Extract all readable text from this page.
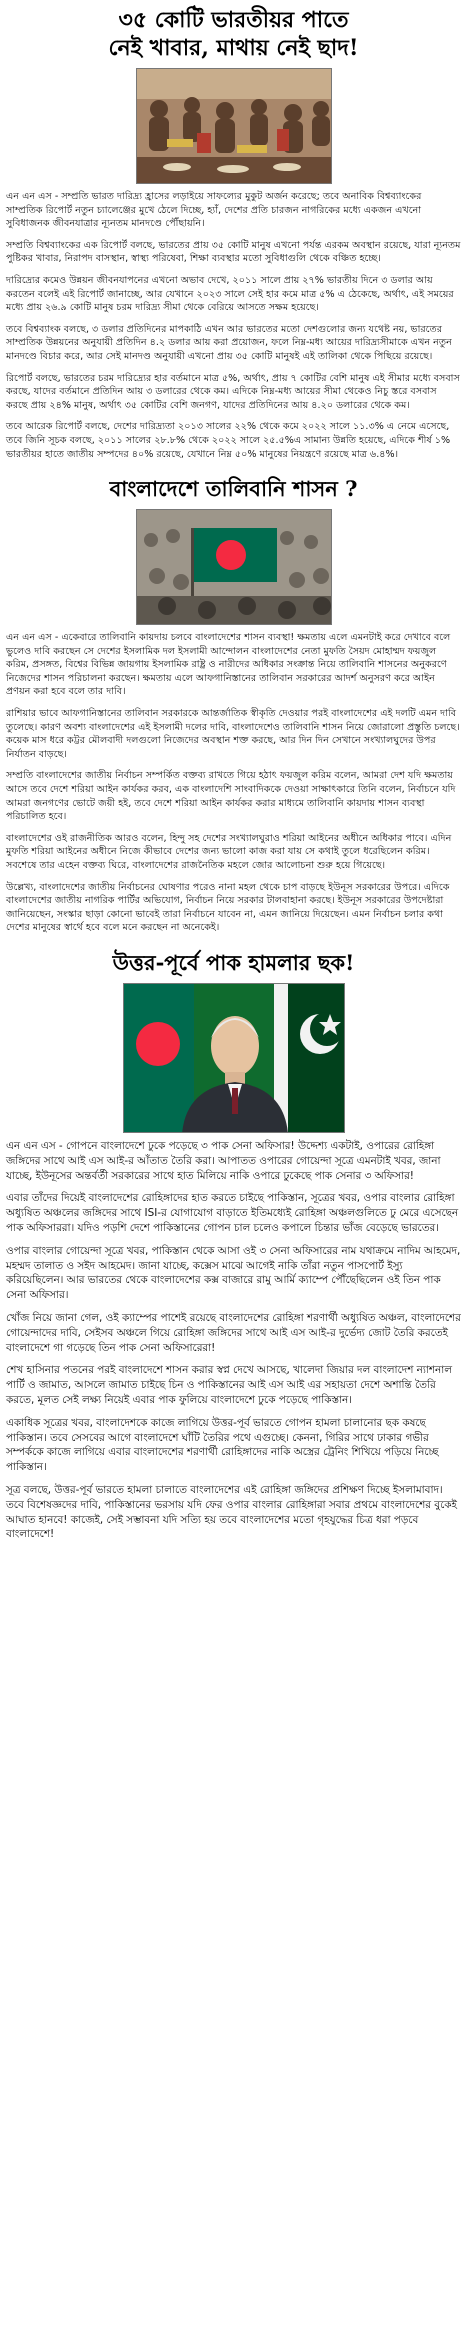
৩৫ কোটি ভারতীয়র পাতে
নেই খাবার, মাথায় নেই ছাদ!

এন এন এস - সম্প্রতি ভারত দারিদ্র্য হ্রাসের লড়াইয়ে সাফল্যের মুকুট অর্জন করেছে; তবে অনাবিক বিশ্বব্যাংকের সাম্প্রতিক রিপোর্ট নতুন চ্যালেঞ্জের মুখে ঠেলে দিচ্ছে, হ্যাঁ, দেশের প্রতি চারজন নাগরিকের মধ্যে একজন এখনো সুবিধাজনক জীবনযাত্রার ন্যূনতম মানদণ্ডে পৌঁছায়নি।

সম্প্রতি বিশ্বব্যাংকের এক রিপোর্ট বলছে, ভারতের প্রায় ৩৫ কোটি মানুষ এখনো পর্যন্ত এরকম অবস্থান রয়েছে, যারা ন্যূনতম পুষ্টিকর খাবার, নিরাপদ বাসস্থান, স্বাস্থ্য পরিষেবা, শিক্ষা ব্যবস্থার মতো সুবিধাগুলি থেকে বঞ্চিত হচ্ছে।

দারিদ্র্যের কমেও উন্নয়ন জীবনযাপনের এখনো অভাব দেখে, ২০১১ সালে প্রায় ২৭% ভারতীয় দিনে ৩ ডলার আয় করতেন বলেই এই রিপোর্ট জানাচ্ছে, আর যেখানে ২০২৩ সালে সেই হার কমে মাত্র ৫% এ ঠেকেছে, অর্থাৎ, এই সময়ের মধ্যে প্রায় ২৬.৯ কোটি মানুষ চরম দারিদ্র্য সীমা থেকে বেরিয়ে আসতে সক্ষম হয়েছে।

তবে বিশ্বব্যাংক বলছে, ৩ ডলার প্রতিদিনের মাপকাঠি এখন আর ভারতের মতো দেশগুলোর জন্য যথেষ্ট নয়, ভারতের সাম্প্রতিক উন্নয়নের অনুযায়ী প্রতিদিন ৪.২ ডলার আয় করা প্রয়োজন, ফলে নিম্ন-মধ্য আয়ের দারিদ্র্যসীমাকে এখন নতুন মানদণ্ডে বিচার করে, আর সেই মানদণ্ড অনুযায়ী এখনো প্রায় ৩৫ কোটি মানুষই এই তালিকা থেকে পিছিয়ে রয়েছে।

রিপোর্ট বলছে, ভারতের চরম দারিদ্র্যের হার বর্তমানে মাত্র ৫%, অর্থাৎ, প্রায় ৭ কোটির বেশি মানুষ এই সীমার মধ্যে বসবাস করছে, যাদের বর্তমানে প্রতিদিন আয় ৩ ডলারের থেকে কম। এদিকে নিম্ন-মধ্য আয়ের সীমা থেকেও নিচু স্তরে বসবাস করছে প্রায় ২৪% মানুষ, অর্থাৎ ৩৫ কোটির বেশি জনগণ, যাদের প্রতিদিনের আয় ৪.২০ ডলারের থেকে কম।

তবে আরেক রিপোর্ট বলছে, দেশের দারিদ্র্যতা ২০১৩ সালের ২২% থেকে কমে ২০২২ সালে ১১.৩% এ নেমে এসেছে, তবে জিনি সূচক বলছে, ২০১১ সালের ২৮.৮% থেকে ২০২২ সালে ২৫.৫%এ সামান্য উন্নতি হয়েছে, এদিকে শীর্ষ ১% ভারতীয়র হাতে জাতীয় সম্পদের ৪০% রয়েছে, যেখানে নিম্ন ৫০% মানুষের নিয়ন্ত্রণে রয়েছে মাত্র ৬.৪%।

বাংলাদেশে তালিবানি শাসন ?

এন এন এস - একেবারে তালিবানি কায়দায় চলবে বাংলাদেশের শাসন ব্যবস্থা! ক্ষমতায় এলে এমনটাই করে দেখাবে বলে ভুলেও দাবি করছেন সে দেশের ইসলামিক দল ইসলামী আন্দোলন বাংলাদেশের নেতা মুফতি সৈয়দ মোহাম্মদ ফয়জুল করিম, প্রসঙ্গত, বিশ্বের বিভিন্ন জায়গায় ইসলামিক রাষ্ট্র ও নারীদের অধিকার সংক্রান্ত নিয়ে তালিবানি শাসনের অনুকরণে নিজেদের শাসন পরিচালনা করছেন। ক্ষমতায় এলে আফগানিস্তানের তালিবান সরকারের আদর্শ অনুসরণ করে আইন প্রণয়ন করা হবে বলে তার দাবি।

রাশিয়ার ভাবে আফগানিস্তানের তালিবান সরকারকে আন্তর্জাতিক স্বীকৃতি দেওয়ার পরই বাংলাদেশের এই দলটি এমন দাবি তুলেছে। কারণ অবশ্য বাংলাদেশের এই ইসলামী দলের দাবি, বাংলাদেশেও তালিবানি শাসন নিয়ে জোরালো প্রস্তুতি চলছে। কয়েক মাস ধরে কট্টর মৌলবাদী দলগুলো নিজেদের অবস্থান শক্ত করছে, আর দিন দিন সেখানে সংখ্যালঘুদের উপর নির্যাতন বাড়ছে।

সম্প্রতি বাংলাদেশের জাতীয় নির্বাচন সম্পর্কিত বক্তব্য রাখতে গিয়ে হঠাৎ ফয়জুল করিম বলেন, আমরা দেশ যদি ক্ষমতায় আসে তবে দেশে শরিয়া আইন কার্যকর করব, এক বাংলাদেশি সাংবাদিককে দেওয়া সাক্ষাৎকারে তিনি বলেন, নির্বাচনে যদি আমরা জনগণের ভোটে জয়ী হই, তবে দেশে শরিয়া আইন কার্যকর করার মাধ্যমে তালিবানি কায়দায় শাসন ব্যবস্থা পরিচালিত হবে।

বাংলাদেশের ওই রাজনীতিক আরও বলেন, হিন্দু সহ দেশের সংখ্যালঘুরাও শরিয়া আইনের অধীনে অধিকার পাবে। এদিন মুফতি শরিয়া আইনের অধীনে নিজে কীভাবে দেশের জন্য ভালো কাজ করা যায় সে কথাই তুলে ধরেছিলেন করিম। সবশেষে তার এহেন বক্তব্য ঘিরে, বাংলাদেশের রাজনৈতিক মহলে জোর আলোচনা শুরু হয়ে গিয়েছে।

উল্লেখ্য, বাংলাদেশের জাতীয় নির্বাচনের ঘোষণার পরেও নানা মহল থেকে চাপ বাড়ছে ইউনূস সরকারের উপরে। এদিকে বাংলাদেশের জাতীয় নাগরিক পার্টির অভিযোগ, নির্বাচন নিয়ে সরকার টালবাহানা করছে। ইউনূস সরকারের উপদেষ্টারা জানিয়েছেন, সংস্কার ছাড়া কোনো ভাবেই তারা নির্বাচনে যাবেন না, এমন জানিয়ে দিয়েছেন। এমন নির্বাচন চলার কথা দেশের মানুষের স্বার্থে হবে বলে মনে করছেন না অনেকেই।

উত্তর-পূর্বে পাক হামলার ছক!

এন এন এস - গোপনে বাংলাদেশে ঢুকে পড়েছে ৩ পাক সেনা অফিসার! উদ্দেশ্য একটাই, ওপারের রোহিঙ্গা জঙ্গিদের সাথে আই এস আই-র আঁতাত তৈরি করা। আপাতত ওপারের গোয়েন্দা সূত্রে এমনটাই খবর, জানা যাচ্ছে, ইউনূসের অন্তর্বর্তী সরকারের সাথে হাত মিলিয়ে নাকি ওপারে ঢুকেছে পাক সেনার ৩ অফিসার!

এবার তাঁদের দিয়েই বাংলাদেশের রোহিঙ্গাদের হাত করতে চাইছে পাকিস্তান, সূত্রের খবর, ওপার বাংলার রোহিঙ্গা অধ্যুষিত অঞ্চলের জঙ্গিদের সাথে ISI-র যোগাযোগ বাড়াতে ইতিমধ্যেই রোহিঙ্গা অঞ্চলগুলিতে ঢু মেরে এসেছেন পাক অফিসাররা। যদিও পড়শি দেশে পাকিস্তানের গোপন চাল চলেও কপালে চিন্তার ভাঁজ বেড়েছে ভারতের।

ওপার বাংলার গোয়েন্দা সূত্রে খবর, পাকিস্তান থেকে আসা ওই ৩ সেনা অফিসারের নাম যথাক্রমে নাদিম আহমেদ, মহম্মদ তালাত ও সইদ আহমেদ। জানা যাচ্ছে, কক্সেস মাঝে আগেই নাকি তাঁরা নতুন পাসপোর্ট ইস্যু করিয়েছিলেন। আর ভারতের থেকে বাংলাদেশের কক্স বাজারে রামু আর্মি ক্যাম্পে পৌঁছেছিলেন ওই তিন পাক সেনা অফিসার।

খোঁজ নিয়ে জানা গেল, ওই ক্যাম্পের পাশেই রয়েছে বাংলাদেশের রোহিঙ্গা শরণার্থী অধ্যুষিত অঞ্চল, বাংলাদেশের গোয়েন্দাদের দাবি, সেইসব অঞ্চলে গিয়ে রোহিঙ্গা জঙ্গিদের সাথে আই এস আই-র দুর্ভেদ্য জোট তৈরি করতেই বাংলাদেশে গা গড়েছে তিন পাক সেনা অফিসারেরা!

শেখ হাসিনার পতনের পরই বাংলাদেশে শাসন করার স্বপ্ন দেখে আসছে, খালেদা জিয়ার দল বাংলাদেশ ন্যাশনাল পার্টি ও জামাত, আসলে জামাত চাইছে চিন ও পাকিস্তানের আই এস আই এর সহায়তা দেশে অশান্তি তৈরি করতে, মূলত সেই লক্ষ্য নিয়েই এবার পাক ফুলিয়ে বাংলাদেশে ঢুকে পড়েছে পাকিস্তান।

একাধিক সূত্রের খবর, বাংলাদেশকে কাজে লাগিয়ে উত্তর-পূর্ব ভারতে গোপন হামলা চালানোর ছক কষছে পাকিস্তান। তবে সেসবের আগে বাংলাদেশে ঘাঁটি তৈরির পথে এগুচ্ছে। কেননা, গিরির সাথে ঢাকার গভীর সম্পর্ককে কাজে লাগিয়ে এবার বাংলাদেশের শরণার্থী রোহিঙ্গাদের নাকি অস্ত্রের ট্রেনিং শিখিয়ে পড়িয়ে নিচ্ছে পাকিস্তান।

সূত্র বলছে, উত্তর-পূর্ব ভারতে হামলা চালাতে বাংলাদেশের এই রোহিঙ্গা জঙ্গিদের প্রশিক্ষণ দিচ্ছে ইসলামাবাদ। তবে বিশেষজ্ঞদের দাবি, পাকিস্তানের ভরসায় যদি ফের ওপার বাংলার রোহিঙ্গারা সবার প্রথমে বাংলাদেশের বুকেই আঘাত হানবে! কাজেই, সেই সম্ভাবনা যদি সত্যি হয় তবে বাংলাদেশের মতো গৃহযুদ্ধের চিত্র ধরা পড়বে বাংলাদেশে!
